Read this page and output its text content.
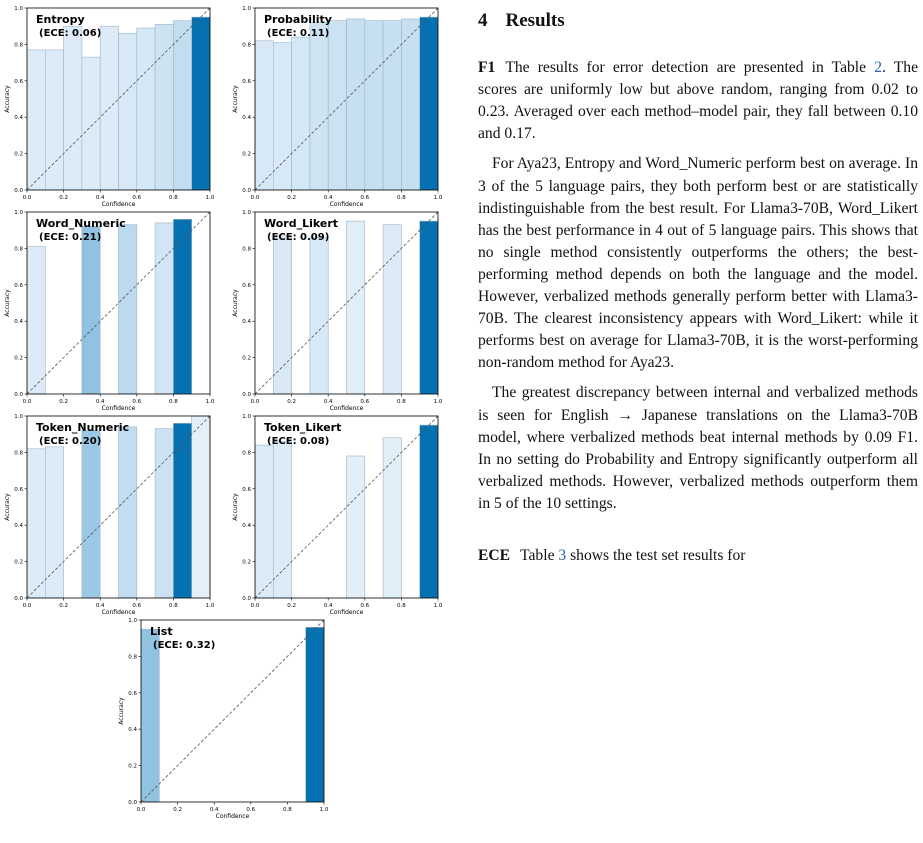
0.0	0.2	0.4	0.6	0.8	1.0
0.0
0.2
0.4
0.6
0.8
1.0
Confidence
Accuracy
Entropy
(ECE: 0.06)
0.0	0.2	0.4	0.6	0.8	1.0
0.0
0.2
0.4
0.6
0.8
1.0
Confidence
Accuracy
Probability
(ECE: 0.11)
0.0	0.2	0.4	0.6	0.8	1.0
0.0
0.2
0.4
0.6
0.8
1.0
Confidence
Accuracy
Word_Numeric
(ECE: 0.21)
0.0	0.2	0.4	0.6	0.8	1.0
0.0
0.2
0.4
0.6
0.8
1.0
Confidence
Accuracy
Word_Likert
(ECE: 0.09)
0.0	0.2	0.4	0.6	0.8	1.0
0.0
0.2
0.4
0.6
0.8
1.0
Confidence
Accuracy
Token_Numeric
(ECE: 0.20)
0.0	0.2	0.4	0.6	0.8	1.0
0.0
0.2
0.4
0.6
0.8
1.0
Confidence
Accuracy
Token_Likert
(ECE: 0.08)
0.0	0.2	0.4	0.6	0.8	1.0
0.0
0.2
0.4
0.6
0.8
1.0
Confidence
Accuracy
List
(ECE: 0.32)
4 Results

F1 The results for error detection are presented in Table 2. The scores are uniformly low but above random, ranging from 0.02 to 0.23. Averaged over each method–model pair, they fall between 0.10 and 0.17.

For Aya23, Entropy and Word_Numeric perform best on average. In 3 of the 5 language pairs, they both perform best or are statistically indistinguishable from the best result. For Llama3-70B, Word_Likert has the best performance in 4 out of 5 language pairs. This shows that no single method consistently outperforms the others; the best-performing method depends on both the language and the model. However, verbalized methods generally perform better with Llama3-70B. The clearest inconsistency appears with Word_Likert: while it performs best on average for Llama3-70B, it is the worst-performing non-random method for Aya23.

The greatest discrepancy between internal and verbalized methods is seen for English → Japanese translations on the Llama3-70B model, where verbalized methods beat internal methods by 0.09 F1. In no setting do Probability and Entropy significantly outperform all verbalized methods. However, verbalized methods outperform them in 5 of the 10 settings.

ECE Table 3 shows the test set results for
